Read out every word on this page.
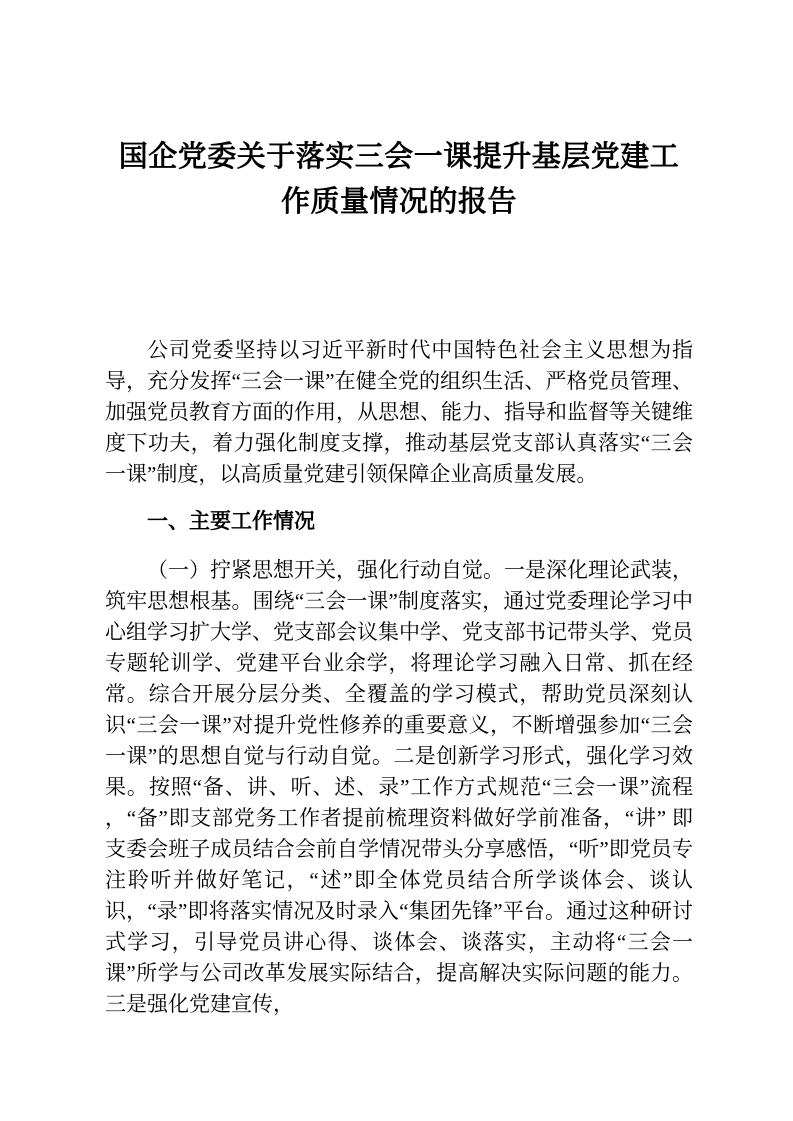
国企党委关于落实三会一课提升基层党建工作质量情况的报告

公司党委坚持以习近平新时代中国特色社会主义思想为指导，充分发挥“三会一课”在健全党的组织生活、严格党员管理、加强党员教育方面的作用，从思想、能力、指导和监督等关键维度下功夫，着力强化制度支撑，推动基层党支部认真落实“三会一课”制度，以高质量党建引领保障企业高质量发展。

一、主要工作情况

（一）拧紧思想开关，强化行动自觉。一是深化理论武装，筑牢思想根基。围绕“三会一课”制度落实，通过党委理论学习中心组学习扩大学、党支部会议集中学、党支部书记带头学、党员专题轮训学、党建平台业余学，将理论学习融入日常、抓在经常。综合开展分层分类、全覆盖的学习模式，帮助党员深刻认识“三会一课”对提升党性修养的重要意义，不断增强参加“三会一课”的思想自觉与行动自觉。二是创新学习形式，强化学习效果。按照“备、讲、听、述、录”工作方式规范“三会一课”流程 ，“备”即支部党务工作者提前梳理资料做好学前准备，“讲” 即支委会班子成员结合会前自学情况带头分享感悟，“听”即党员专注聆听并做好笔记，“述”即全体党员结合所学谈体会、谈认识，“录”即将落实情况及时录入“集团先锋”平台。通过这种研讨式学习，引导党员讲心得、谈体会、谈落实，主动将“三会一课”所学与公司改革发展实际结合，提高解决实际问题的能力。三是强化党建宣传，
